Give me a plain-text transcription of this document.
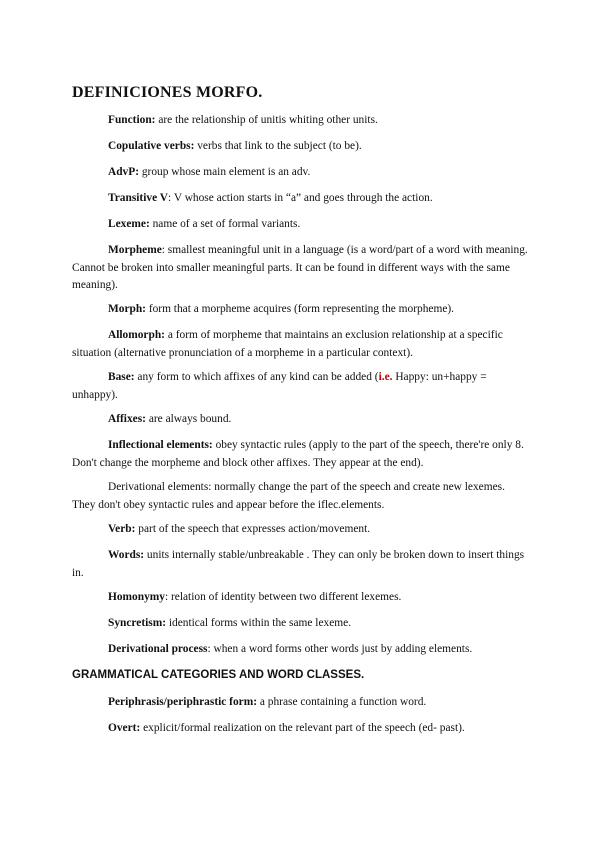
DEFINICIONES MORFO.

Function: are the relationship of unitis whiting other units.

Copulative verbs: verbs that link to the subject (to be).

AdvP: group whose main element is an adv.

Transitive V: V whose action starts in “a” and goes through the action.

Lexeme: name of a set of formal variants.

Morpheme: smallest meaningful unit in a language (is a word/part of a word with meaning. Cannot be broken into smaller meaningful parts. It can be found in different ways with the same meaning).

Morph: form that a morpheme acquires (form representing the morpheme).

Allomorph: a form of morpheme that maintains an exclusion relationship at a specific situation (alternative pronunciation of a morpheme in a particular context).

Base: any form to which affixes of any kind can be added (i.e. Happy: un+happy = unhappy).

Affixes: are always bound.

Inflectional elements: obey syntactic rules (apply to the part of the speech, there're only 8. Don't change the morpheme and block other affixes. They appear at the end).

Derivational elements: normally change the part of the speech and create new lexemes. They don't obey syntactic rules and appear before the iflec.elements.

Verb: part of the speech that expresses action/movement.

Words: units internally stable/unbreakable . They can only be broken down to insert things in.

Homonymy: relation of identity between two different lexemes.

Syncretism: identical forms within the same lexeme.

Derivational process: when a word forms other words just by adding elements.

GRAMMATICAL CATEGORIES AND WORD CLASSES.

Periphrasis/periphrastic form: a phrase containing a function word.

Overt: explicit/formal realization on the relevant part of the speech (ed- past).
